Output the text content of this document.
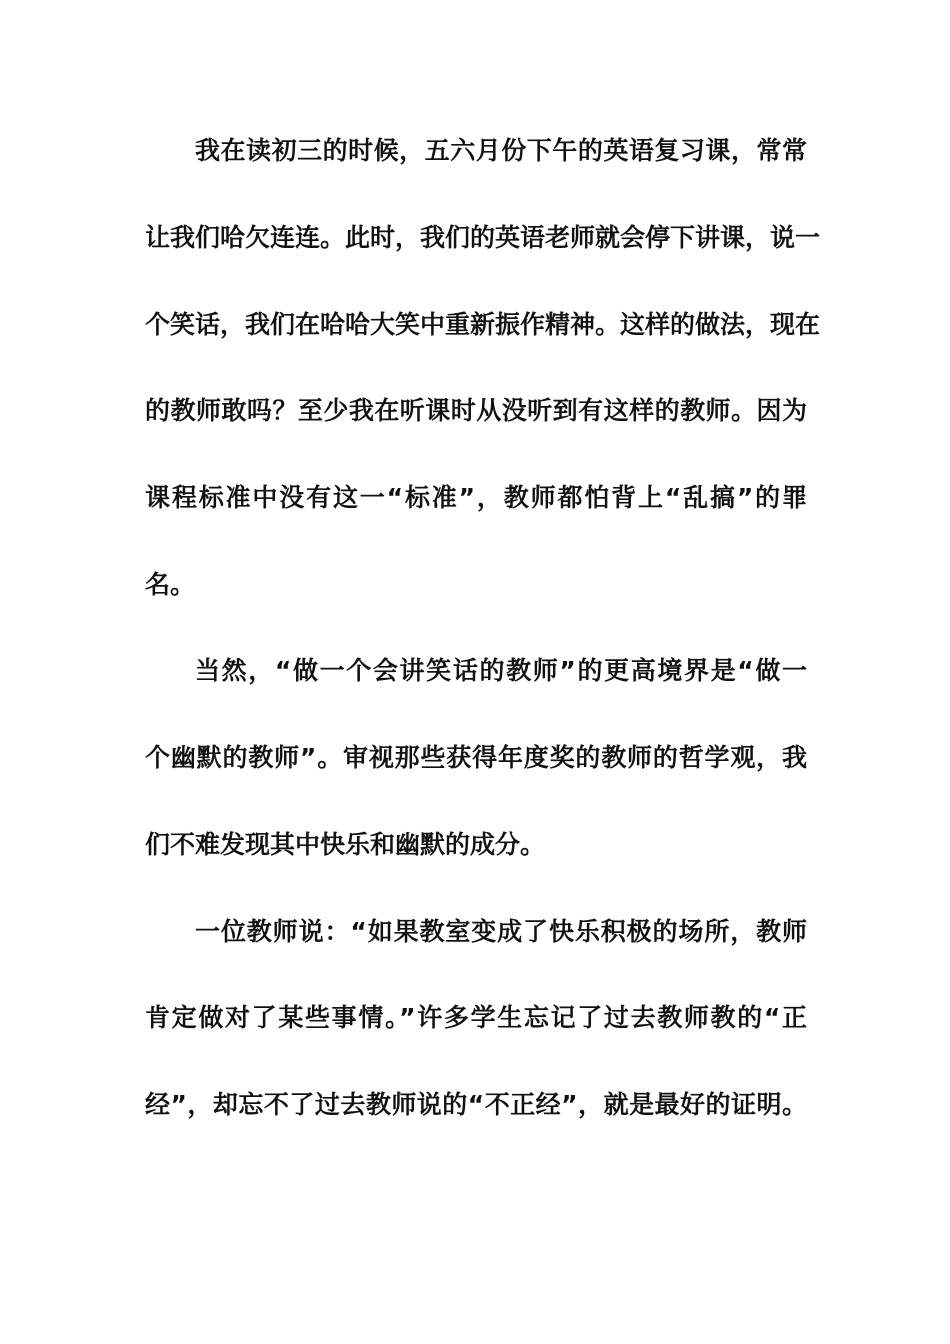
我在读初三的时候，五六月份下午的英语复习课，常常
让我们哈欠连连。此时，我们的英语老师就会停下讲课，说一
个笑话，我们在哈哈大笑中重新振作精神。这样的做法，现在
的教师敢吗？至少我在听课时从没听到有这样的教师。因为
课程标准中没有这一“标准”，教师都怕背上“乱搞”的罪
名。
当然，“做一个会讲笑话的教师”的更高境界是“做一
个幽默的教师”。审视那些获得年度奖的教师的哲学观，我
们不难发现其中快乐和幽默的成分。
一位教师说：“如果教室变成了快乐积极的场所，教师
肯定做对了某些事情。”许多学生忘记了过去教师教的“正
经”，却忘不了过去教师说的“不正经”，就是最好的证明。
